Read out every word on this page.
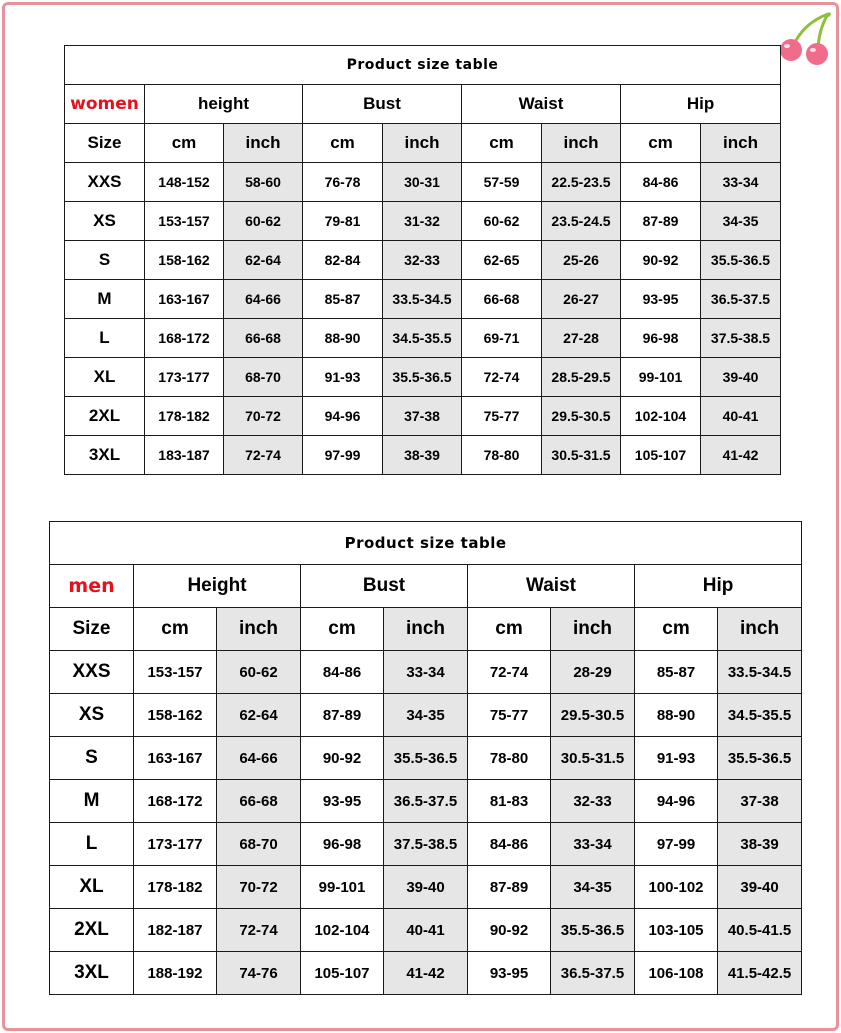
Product size table								
women	height		Bust		Waist		Hip	
Size	cm	inch	cm	inch	cm	inch	cm	inch
XXS	148-152	58-60	76-78	30-31	57-59	22.5-23.5	84-86	33-34
XS	153-157	60-62	79-81	31-32	60-62	23.5-24.5	87-89	34-35
S	158-162	62-64	82-84	32-33	62-65	25-26	90-92	35.5-36.5
M	163-167	64-66	85-87	33.5-34.5	66-68	26-27	93-95	36.5-37.5
L	168-172	66-68	88-90	34.5-35.5	69-71	27-28	96-98	37.5-38.5
XL	173-177	68-70	91-93	35.5-36.5	72-74	28.5-29.5	99-101	39-40
2XL	178-182	70-72	94-96	37-38	75-77	29.5-30.5	102-104	40-41
3XL	183-187	72-74	97-99	38-39	78-80	30.5-31.5	105-107	41-42
Product size table								
men	Height		Bust		Waist		Hip	
Size	cm	inch	cm	inch	cm	inch	cm	inch
XXS	153-157	60-62	84-86	33-34	72-74	28-29	85-87	33.5-34.5
XS	158-162	62-64	87-89	34-35	75-77	29.5-30.5	88-90	34.5-35.5
S	163-167	64-66	90-92	35.5-36.5	78-80	30.5-31.5	91-93	35.5-36.5
M	168-172	66-68	93-95	36.5-37.5	81-83	32-33	94-96	37-38
L	173-177	68-70	96-98	37.5-38.5	84-86	33-34	97-99	38-39
XL	178-182	70-72	99-101	39-40	87-89	34-35	100-102	39-40
2XL	182-187	72-74	102-104	40-41	90-92	35.5-36.5	103-105	40.5-41.5
3XL	188-192	74-76	105-107	41-42	93-95	36.5-37.5	106-108	41.5-42.5
